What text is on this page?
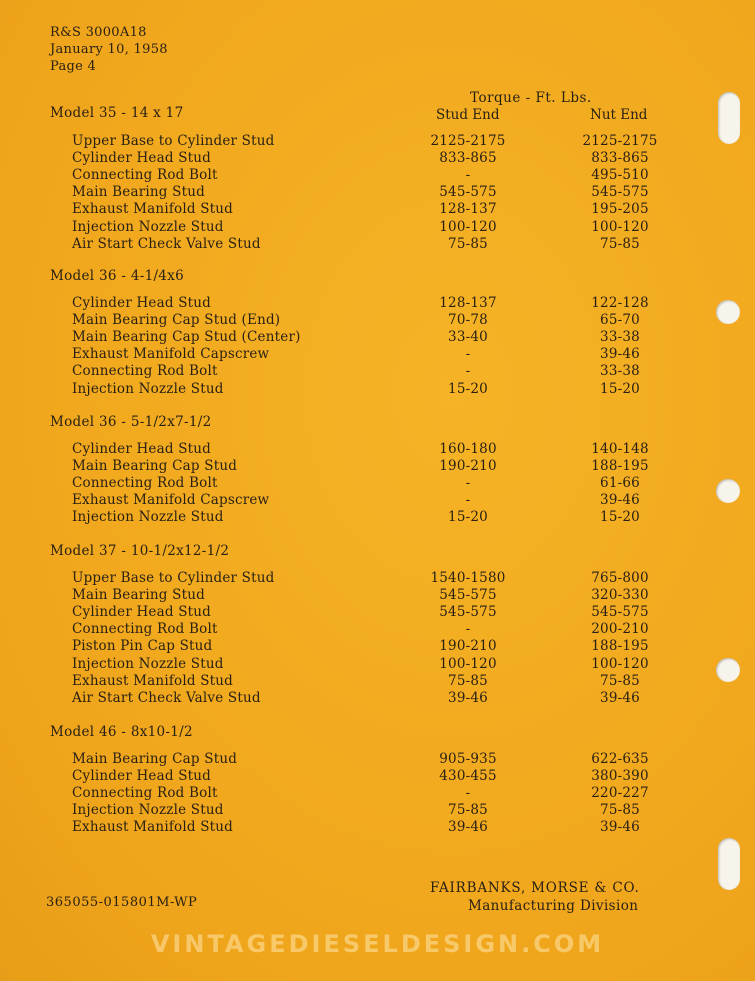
R&S 3000A18
January 10, 1958
Page 4
Torque - Ft. Lbs.
Stud End	Nut End
Model 35 - 14 x 17
Upper Base to Cylinder Stud	2125-2175	2125-2175
Cylinder Head Stud	833-865	833-865
Connecting Rod Bolt	-	495-510
Main Bearing Stud	545-575	545-575
Exhaust Manifold Stud	128-137	195-205
Injection Nozzle Stud	100-120	100-120
Air Start Check Valve Stud	75-85	75-85
Model 36 - 4-1/4x6
Cylinder Head Stud	128-137	122-128
Main Bearing Cap Stud (End)	70-78	65-70
Main Bearing Cap Stud (Center)	33-40	33-38
Exhaust Manifold Capscrew	-	39-46
Connecting Rod Bolt	-	33-38
Injection Nozzle Stud	15-20	15-20
Model 36 - 5-1/2x7-1/2
Cylinder Head Stud	160-180	140-148
Main Bearing Cap Stud	190-210	188-195
Connecting Rod Bolt	-	61-66
Exhaust Manifold Capscrew	-	39-46
Injection Nozzle Stud	15-20	15-20
Model 37 - 10-1/2x12-1/2
Upper Base to Cylinder Stud	1540-1580	765-800
Main Bearing Stud	545-575	320-330
Cylinder Head Stud	545-575	545-575
Connecting Rod Bolt	-	200-210
Piston Pin Cap Stud	190-210	188-195
Injection Nozzle Stud	100-120	100-120
Exhaust Manifold Stud	75-85	75-85
Air Start Check Valve Stud	39-46	39-46
Model 46 - 8x10-1/2
Main Bearing Cap Stud	905-935	622-635
Cylinder Head Stud	430-455	380-390
Connecting Rod Bolt	-	220-227
Injection Nozzle Stud	75-85	75-85
Exhaust Manifold Stud	39-46	39-46
365055-015801M-WP
FAIRBANKS, MORSE & CO.
Manufacturing Division
VINTAGEDIESELDESIGN.COM
